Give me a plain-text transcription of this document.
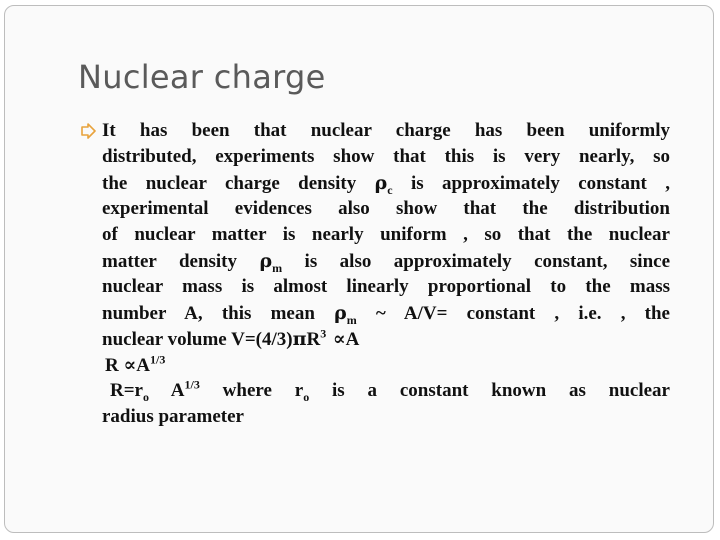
Nuclear charge
It has been that nuclear charge has been uniformly
distributed, experiments show that this is very nearly, so
the nuclear charge density $\rho_c$ is approximately constant ,
experimental evidences also show that the distribution
of nuclear matter is nearly uniform , so that the nuclear
matter density $\rho_m$ is also approximately constant, since
nuclear mass is almost linearly proportional to the mass
number A, this mean $\rho_m$ ~ A/V= constant , i.e. , the
nuclear volume $V=(4/3)\pi R^3 \propto A$
$R \propto A^{1/3}$
$R=r_o$ $A^{1/3}$ where $r_o$ is a constant known as nuclear
radius parameter
